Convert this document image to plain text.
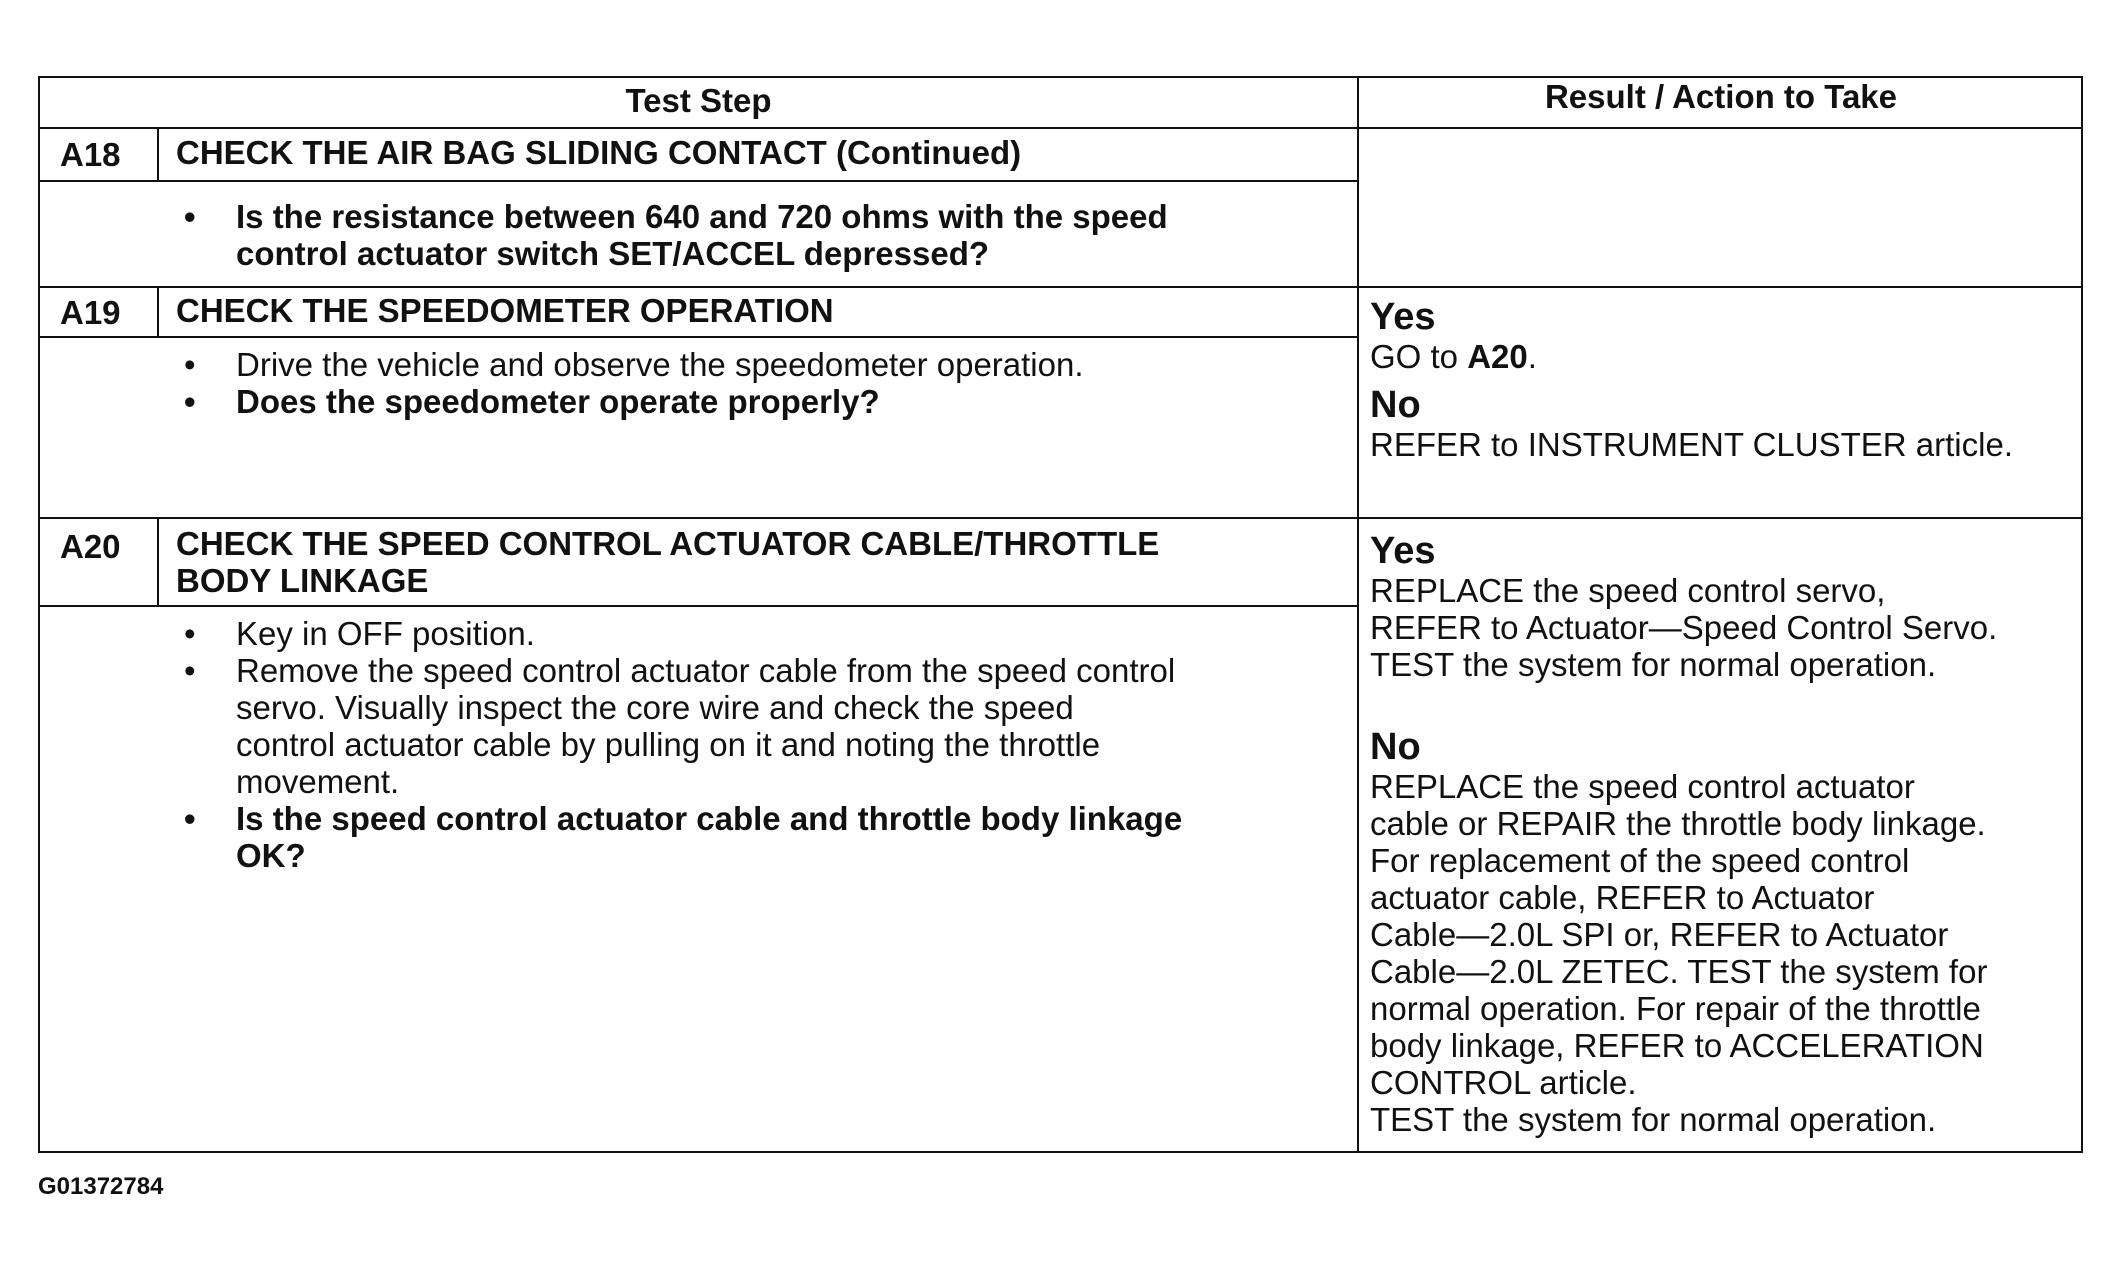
Test Step	Result / Action to Take
A18 CHECK THE AIR BAG SLIDING CONTACT (Continued)
• Is the resistance between 640 and 720 ohms with the speed
control actuator switch SET/ACCEL depressed?
A19 CHECK THE SPEEDOMETER OPERATION
• Drive the vehicle and observe the speedometer operation.
• Does the speedometer operate properly?
Yes
GO to A20.
No
REFER to INSTRUMENT CLUSTER article.
A20 CHECK THE SPEED CONTROL ACTUATOR CABLE/THROTTLE
BODY LINKAGE
• Key in OFF position.
• Remove the speed control actuator cable from the speed control
servo. Visually inspect the core wire and check the speed
control actuator cable by pulling on it and noting the throttle
movement.
• Is the speed control actuator cable and throttle body linkage
OK?
Yes
REPLACE the speed control servo,
REFER to Actuator—Speed Control Servo.
TEST the system for normal operation.
No
REPLACE the speed control actuator
cable or REPAIR the throttle body linkage.
For replacement of the speed control
actuator cable, REFER to Actuator
Cable—2.0L SPI or, REFER to Actuator
Cable—2.0L ZETEC. TEST the system for
normal operation. For repair of the throttle
body linkage, REFER to ACCELERATION
CONTROL article.
TEST the system for normal operation.
G01372784
